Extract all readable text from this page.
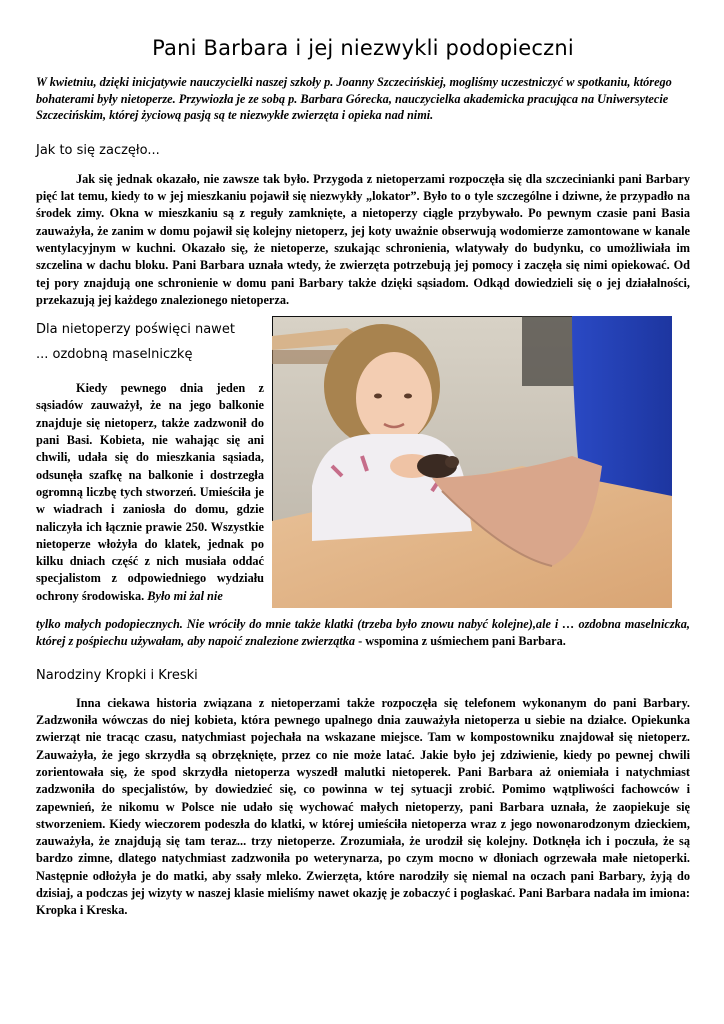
Pani Barbara i jej niezwykli podopieczni

W kwietniu, dzięki inicjatywie nauczycielki naszej szkoły p. Joanny Szczecińskiej, mogliśmy uczestniczyć w spotkaniu, którego bohaterami były nietoperze. Przywiozła je ze sobą p. Barbara Górecka, nauczycielka akademicka pracująca na Uniwersytecie Szczecińskim, której życiową pasją są te niezwykłe zwierzęta i opieka nad nimi.

Jak to się zaczęło...

Jak się jednak okazało, nie zawsze tak było. Przygoda z nietoperzami rozpoczęła się dla szczecinianki pani Barbary pięć lat temu, kiedy to w jej mieszkaniu pojawił się niezwykły „lokator”. Było to o tyle szczególne i dziwne, że przypadło na środek zimy. Okna w mieszkaniu są z reguły zamknięte, a nietoperzy ciągle przybywało. Po pewnym czasie pani Basia zauważyła, że zanim w domu pojawił się kolejny nietoperz, jej koty uważnie obserwują wodomierze zamontowane w kanale wentylacyjnym w kuchni. Okazało się, że nietoperze, szukając schronienia, wlatywały do budynku, co umożliwiała im szczelina w dachu bloku. Pani Barbara uznała wtedy, że zwierzęta potrzebują jej pomocy i zaczęła się nimi opiekować. Od tej pory znajdują one schronienie w domu pani Barbary także dzięki sąsiadom. Odkąd dowiedzieli się o jej działalności, przekazują jej każdego znalezionego nietoperza.

Dla nietoperzy poświęci nawet
... ozdobną maselniczkę

Kiedy pewnego dnia jeden z sąsiadów zauważył, że na jego balkonie znajduje się nietoperz, także zadzwonił do pani Basi. Kobieta, nie wahając się ani chwili, udała się do mieszkania sąsiada, odsunęła szafkę na balkonie i dostrzegła ogromną liczbę tych stworzeń. Umieściła je w wiadrach i zaniosła do domu, gdzie naliczyła ich łącznie prawie 250. Wszystkie nietoperze włożyła do klatek, jednak po kilku dniach część z nich musiała oddać specjalistom z odpowiedniego wydziału ochrony środowiska. Było mi żal nie

tylko małych podopiecznych. Nie wróciły do mnie także klatki (trzeba było znowu nabyć kolejne),ale i … ozdobna maselniczka, której z pośpiechu używałam, aby napoić znalezione zwierzątka - wspomina z uśmiechem pani Barbara.

Narodziny Kropki i Kreski

Inna ciekawa historia związana z nietoperzami także rozpoczęła się telefonem wykonanym do pani Barbary. Zadzwoniła wówczas do niej kobieta, która pewnego upalnego dnia zauważyła nietoperza u siebie na działce. Opiekunka zwierząt nie tracąc czasu, natychmiast pojechała na wskazane miejsce. Tam w kompostowniku znajdował się nietoperz. Zauważyła, że jego skrzydła są obrzęknięte, przez co nie może latać. Jakie było jej zdziwienie, kiedy po pewnej chwili zorientowała się, że spod skrzydła nietoperza wyszedł malutki nietoperek. Pani Barbara aż oniemiała i natychmiast zadzwoniła do specjalistów, by dowiedzieć się, co powinna w tej sytuacji zrobić. Pomimo wątpliwości fachowców i zapewnień, że nikomu w Polsce nie udało się wychować małych nietoperzy, pani Barbara uznała, że zaopiekuje się stworzeniem. Kiedy wieczorem podeszła do klatki, w której umieściła nietoperza wraz z jego nowonarodzonym dzieckiem, zauważyła, że znajdują się tam teraz... trzy nietoperze. Zrozumiała, że urodził się kolejny. Dotknęła ich i poczuła, że są bardzo zimne, dlatego natychmiast zadzwoniła po weterynarza, po czym mocno w dłoniach ogrzewała małe nietoperki. Następnie odłożyła je do matki, aby ssały mleko. Zwierzęta, które narodziły się niemal na oczach pani Barbary, żyją do dzisiaj, a podczas jej wizyty w naszej klasie mieliśmy nawet okazję je zobaczyć i pogłaskać. Pani Barbara nadała im imiona: Kropka i Kreska.
